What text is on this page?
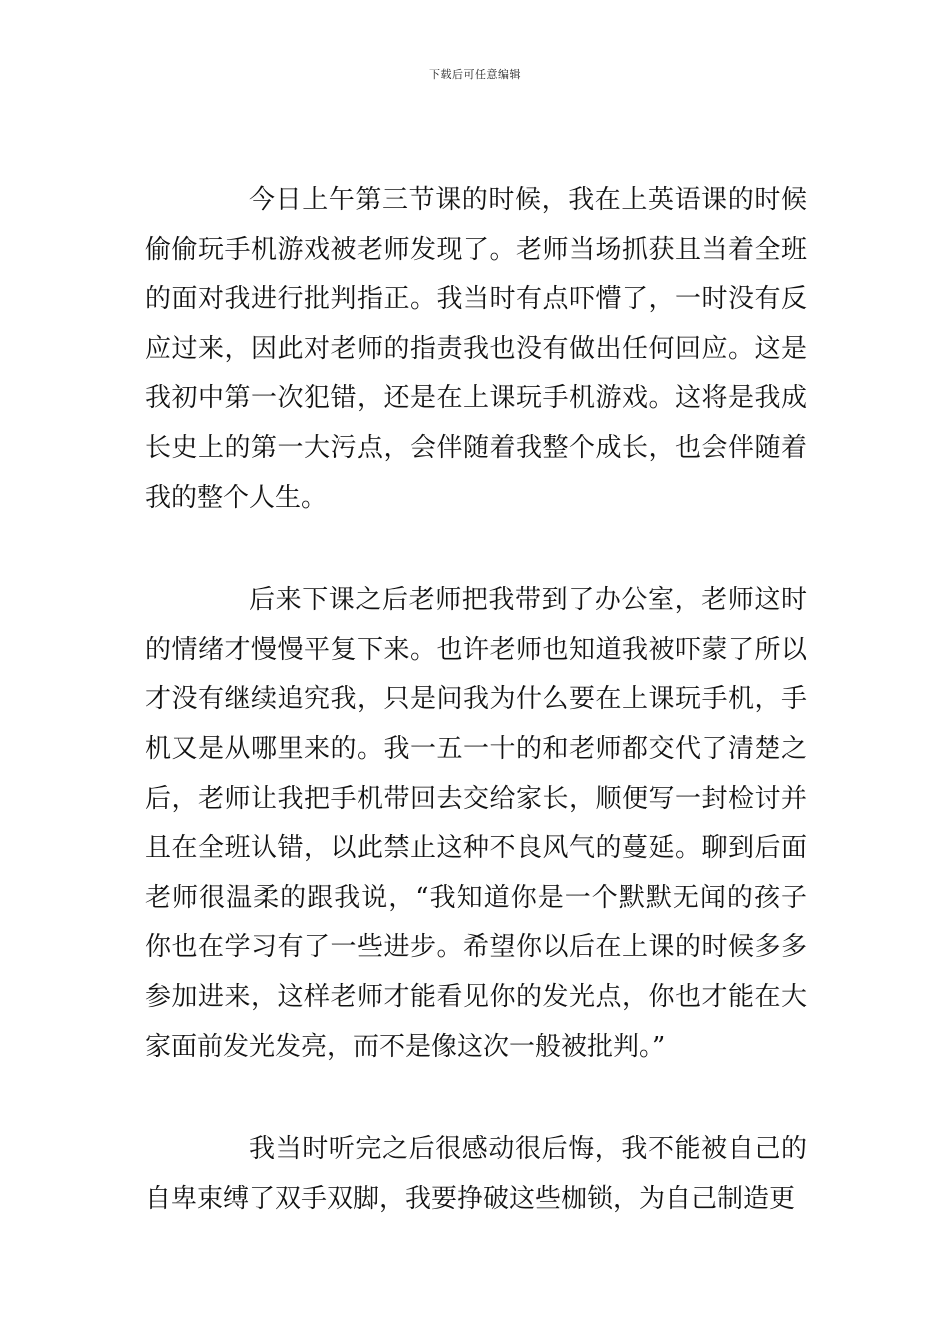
下载后可任意编辑

今日上午第三节课的时候，我在上英语课的时候偷偷玩手机游戏被老师发现了。老师当场抓获且当着全班的面对我进行批判指正。我当时有点吓懵了，一时没有反应过来，因此对老师的指责我也没有做出任何回应。这是我初中第一次犯错，还是在上课玩手机游戏。这将是我成长史上的第一大污点，会伴随着我整个成长，也会伴随着我的整个人生。

后来下课之后老师把我带到了办公室，老师这时的情绪才慢慢平复下来。也许老师也知道我被吓蒙了所以才没有继续追究我，只是问我为什么要在上课玩手机，手机又是从哪里来的。我一五一十的和老师都交代了清楚之后，老师让我把手机带回去交给家长，顺便写一封检讨并且在全班认错，以此禁止这种不良风气的蔓延。聊到后面老师很温柔的跟我说，“我知道你是一个默默无闻的孩子你也在学习有了一些进步。希望你以后在上课的时候多多参加进来，这样老师才能看见你的发光点，你也才能在大家面前发光发亮，而不是像这次一般被批判。”

我当时听完之后很感动很后悔，我不能被自己的自卑束缚了双手双脚，我要挣破这些枷锁，为自己制造更
